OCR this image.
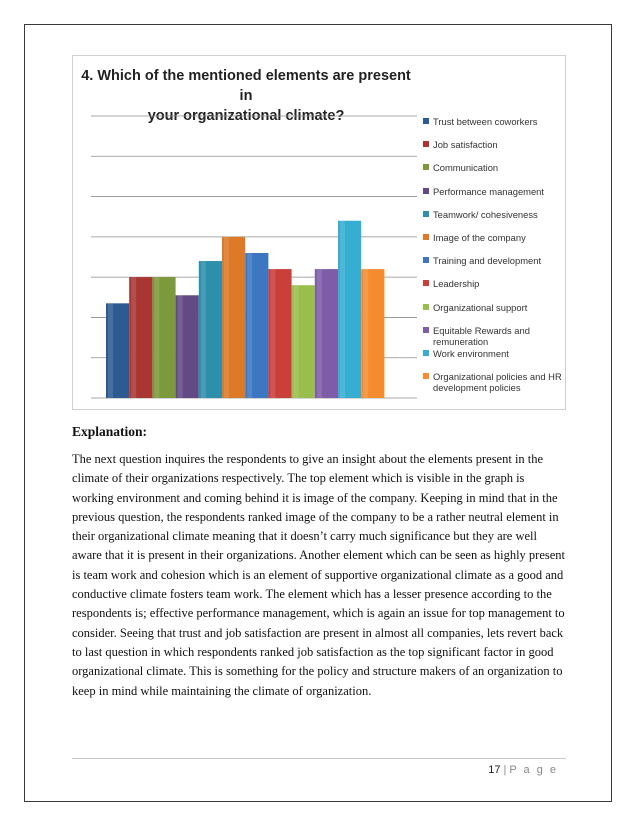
4. Which of the mentioned elements are present in
your organizational climate?	Trust between coworkers
Job satisfaction
Communication
Performance management
Teamwork/ cohesiveness
Image of the company
Training and development
Leadership
Organizational support
Equitable Rewards and remuneration
Work environment
Organizational policies and HR development policies
Explanation:
The next question inquires the respondents to give an insight about the elements present in the climate of their organizations respectively. The top element which is visible in the graph is working environment and coming behind it is image of the company. Keeping in mind that in the previous question, the respondents ranked image of the company to be a rather neutral element in their organizational climate meaning that it doesn’t carry much significance but they are well aware that it is present in their organizations. Another element which can be seen as highly present is team work and cohesion which is an element of supportive organizational climate as a good and conductive climate fosters team work. The element which has a lesser presence according to the respondents is; effective performance management, which is again an issue for top management to consider. Seeing that trust and job satisfaction are present in almost all companies, lets revert back to last question in which respondents ranked job satisfaction as the top significant factor in good organizational climate. This is something for the policy and structure makers of an organization to keep in mind while maintaining the climate of organization.
17 | P a g e
